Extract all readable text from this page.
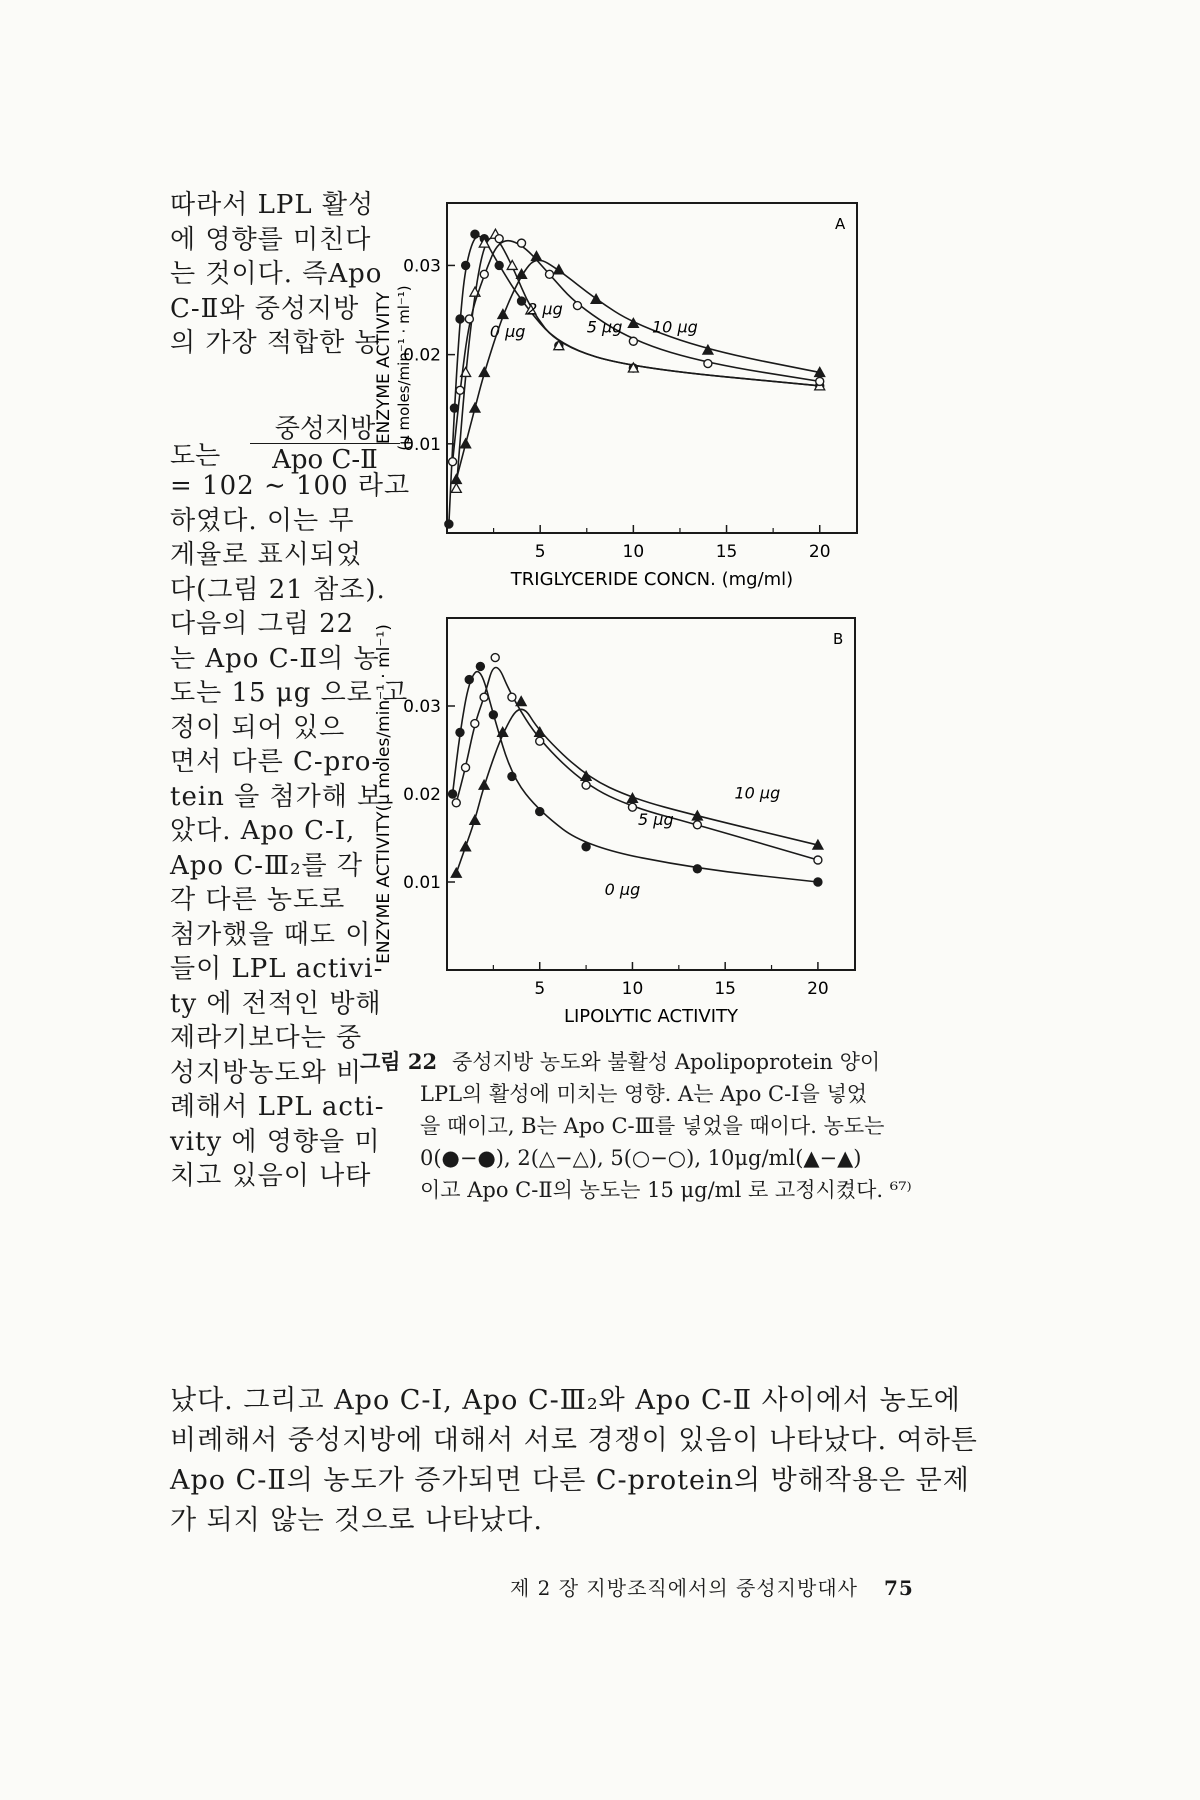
따라서 LPL 활성
에 영향를 미친다
는 것이다. 즉Apo
C-Ⅱ와 중성지방
의 가장 적합한 농
도는
중성지방
Apo C-Ⅱ
= 102 ∼ 100 라고
하였다. 이는 무
게율로 표시되었
다(그림 21 참조).
다음의 그림 22
는 Apo C-Ⅱ의 농
도는 15 μg 으로 고
정이 되어 있으
면서 다른 C-pro-
tein 을 첨가해 보
았다. Apo C-Ⅰ,
Apo C-Ⅲ₂를 각
각 다른 농도로
첨가했을 때도 이
들이 LPL activi-
ty 에 전적인 방해
제라기보다는 중
성지방농도와 비
례해서 LPL acti-
vity 에 영향을 미
치고 있음이 나타
A
5	10	15	20
0.01
0.02
0.03
TRIGLYCERIDE CONCN. (mg/ml)
ENZYME ACTIVITY (μ moles/min⁻¹ · ml⁻¹)	0 μg
2 μg
5 μg 10 μg
B
5	10	15	20
0.01
0.02
0.03
LIPOLYTIC ACTIVITY
ENZYME ACTIVITY(μ moles/min⁻¹ · ml⁻¹)	0 μg
5 μg
10 μg
그림 22 중성지방 농도와 불활성 Apolipoprotein 양이
LPL의 활성에 미치는 영향. A는 Apo C-Ⅰ을 넣었
을 때이고, B는 Apo C-Ⅲ를 넣었을 때이다. 농도는
0(●−●), 2(△−△), 5(○−○), 10μg/ml(▲−▲)
이고 Apo C-Ⅱ의 농도는 15 μg/ml 로 고정시켰다. ⁶⁷⁾
났다. 그리고 Apo C-Ⅰ, Apo C-Ⅲ₂와 Apo C-Ⅱ 사이에서 농도에
비례해서 중성지방에 대해서 서로 경쟁이 있음이 나타났다. 여하튼
Apo C-Ⅱ의 농도가 증가되면 다른 C-protein의 방해작용은 문제
가 되지 않는 것으로 나타났다.
제 2 장 지방조직에서의 중성지방대사 75
